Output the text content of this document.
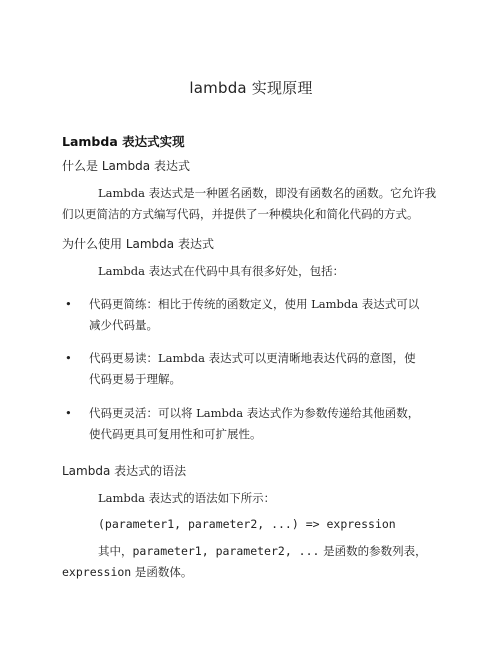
lambda 实现原理
Lambda 表达式实现
什么是 Lambda 表达式
Lambda 表达式是一种匿名函数，即没有函数名的函数。它允许我
们以更简洁的方式编写代码，并提供了一种模块化和简化代码的方式。
为什么使用 Lambda 表达式
Lambda 表达式在代码中具有很多好处，包括：
• 代码更简练：相比于传统的函数定义，使用 Lambda 表达式可以
减少代码量。
• 代码更易读：Lambda 表达式可以更清晰地表达代码的意图，使
代码更易于理解。
• 代码更灵活：可以将 Lambda 表达式作为参数传递给其他函数，
使代码更具可复用性和可扩展性。
Lambda 表达式的语法
Lambda 表达式的语法如下所示：
(parameter1, parameter2, ...) => expression
其中，parameter1, parameter2, ... 是函数的参数列表，
expression 是函数体。
